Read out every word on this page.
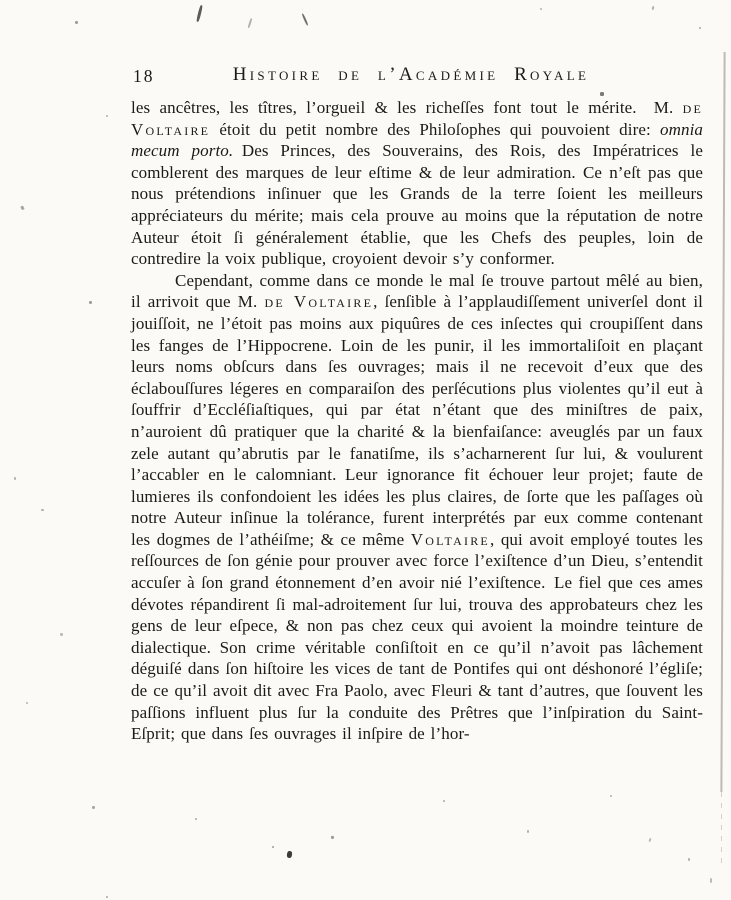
18	Histoire de l’Académie Royale

les ancêtres, les tîtres, l’orgueil & les richeſſes font tout le mérite. M. de Voltaire étoit du petit nombre des Philoſophes qui pouvoient dire: omnia mecum porto. Des Princes, des Souverains, des Rois, des Impératrices le comblerent des marques de leur eſtime & de leur admiration. Ce n’eſt pas que nous prétendions inſinuer que les Grands de la terre ſoient les meilleurs appréciateurs du mérite; mais cela prouve au moins que la réputation de notre Auteur étoit ſi généralement établie, que les Chefs des peuples, loin de contredire la voix publique, croyoient devoir s’y conformer.

Cependant, comme dans ce monde le mal ſe trouve partout mêlé au bien, il arrivoit que M. de Voltaire, ſenſible à l’applaudiſſement univerſel dont il jouiſſoit, ne l’étoit pas moins aux piquûres de ces inſectes qui croupiſſent dans les fanges de l’Hippocrene. Loin de les punir, il les immortaliſoit en plaçant leurs noms obſcurs dans ſes ouvrages; mais il ne recevoit d’eux que des éclabouſſures légeres en comparaiſon des perſécutions plus violentes qu’il eut à ſouffrir d’Eccléſiaſtiques, qui par état n’étant que des miniſtres de paix, n’auroient dû pratiquer que la charité & la bienfaiſance: aveuglés par un faux zele autant qu’abrutis par le fanatiſme, ils s’acharnerent ſur lui, & voulurent l’accabler en le calomniant. Leur ignorance fit échouer leur projet; faute de lumieres ils confondoient les idées les plus claires, de ſorte que les paſſages où notre Auteur inſinue la tolérance, furent interprétés par eux comme contenant les dogmes de l’athéiſme; & ce même Voltaire, qui avoit employé toutes les reſſources de ſon génie pour prouver avec force l’exiſtence d’un Dieu, s’entendit accuſer à ſon grand étonnement d’en avoir nié l’exiſtence. Le fiel que ces ames dévotes répandirent ſi mal-adroitement ſur lui, trouva des approbateurs chez les gens de leur eſpece, & non pas chez ceux qui avoient la moindre teinture de dialectique. Son crime véritable conſiſtoit en ce qu’il n’avoit pas lâchement déguiſé dans ſon hiſtoire les vices de tant de Pontifes qui ont déshonoré l’égliſe; de ce qu’il avoit dit avec Fra Paolo, avec Fleuri & tant d’autres, que ſouvent les paſſions influent plus ſur la conduite des Prêtres que l’inſpiration du Saint-Eſprit; que dans ſes ouvrages il inſpire de l’hor-
